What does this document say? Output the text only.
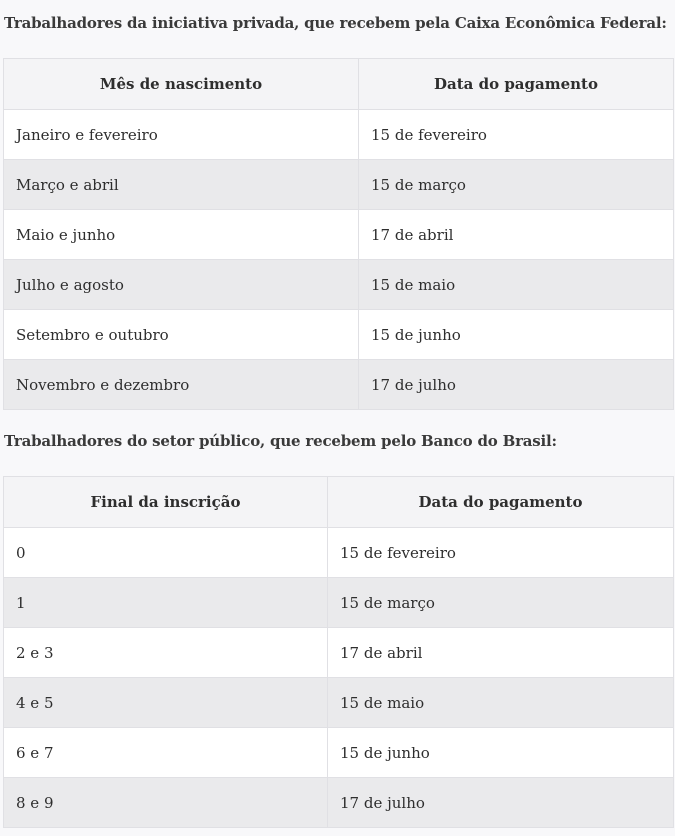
Trabalhadores da iniciativa privada, que recebem pela Caixa Econômica Federal:
Mês de nascimento	Data do pagamento
Janeiro e fevereiro	15 de fevereiro
Março e abril	15 de março
Maio e junho	17 de abril
Julho e agosto	15 de maio
Setembro e outubro	15 de junho
Novembro e dezembro	17 de julho
Trabalhadores do setor público, que recebem pelo Banco do Brasil:
Final da inscrição	Data do pagamento
0	15 de fevereiro
1	15 de março
2 e 3	17 de abril
4 e 5	15 de maio
6 e 7	15 de junho
8 e 9	17 de julho
